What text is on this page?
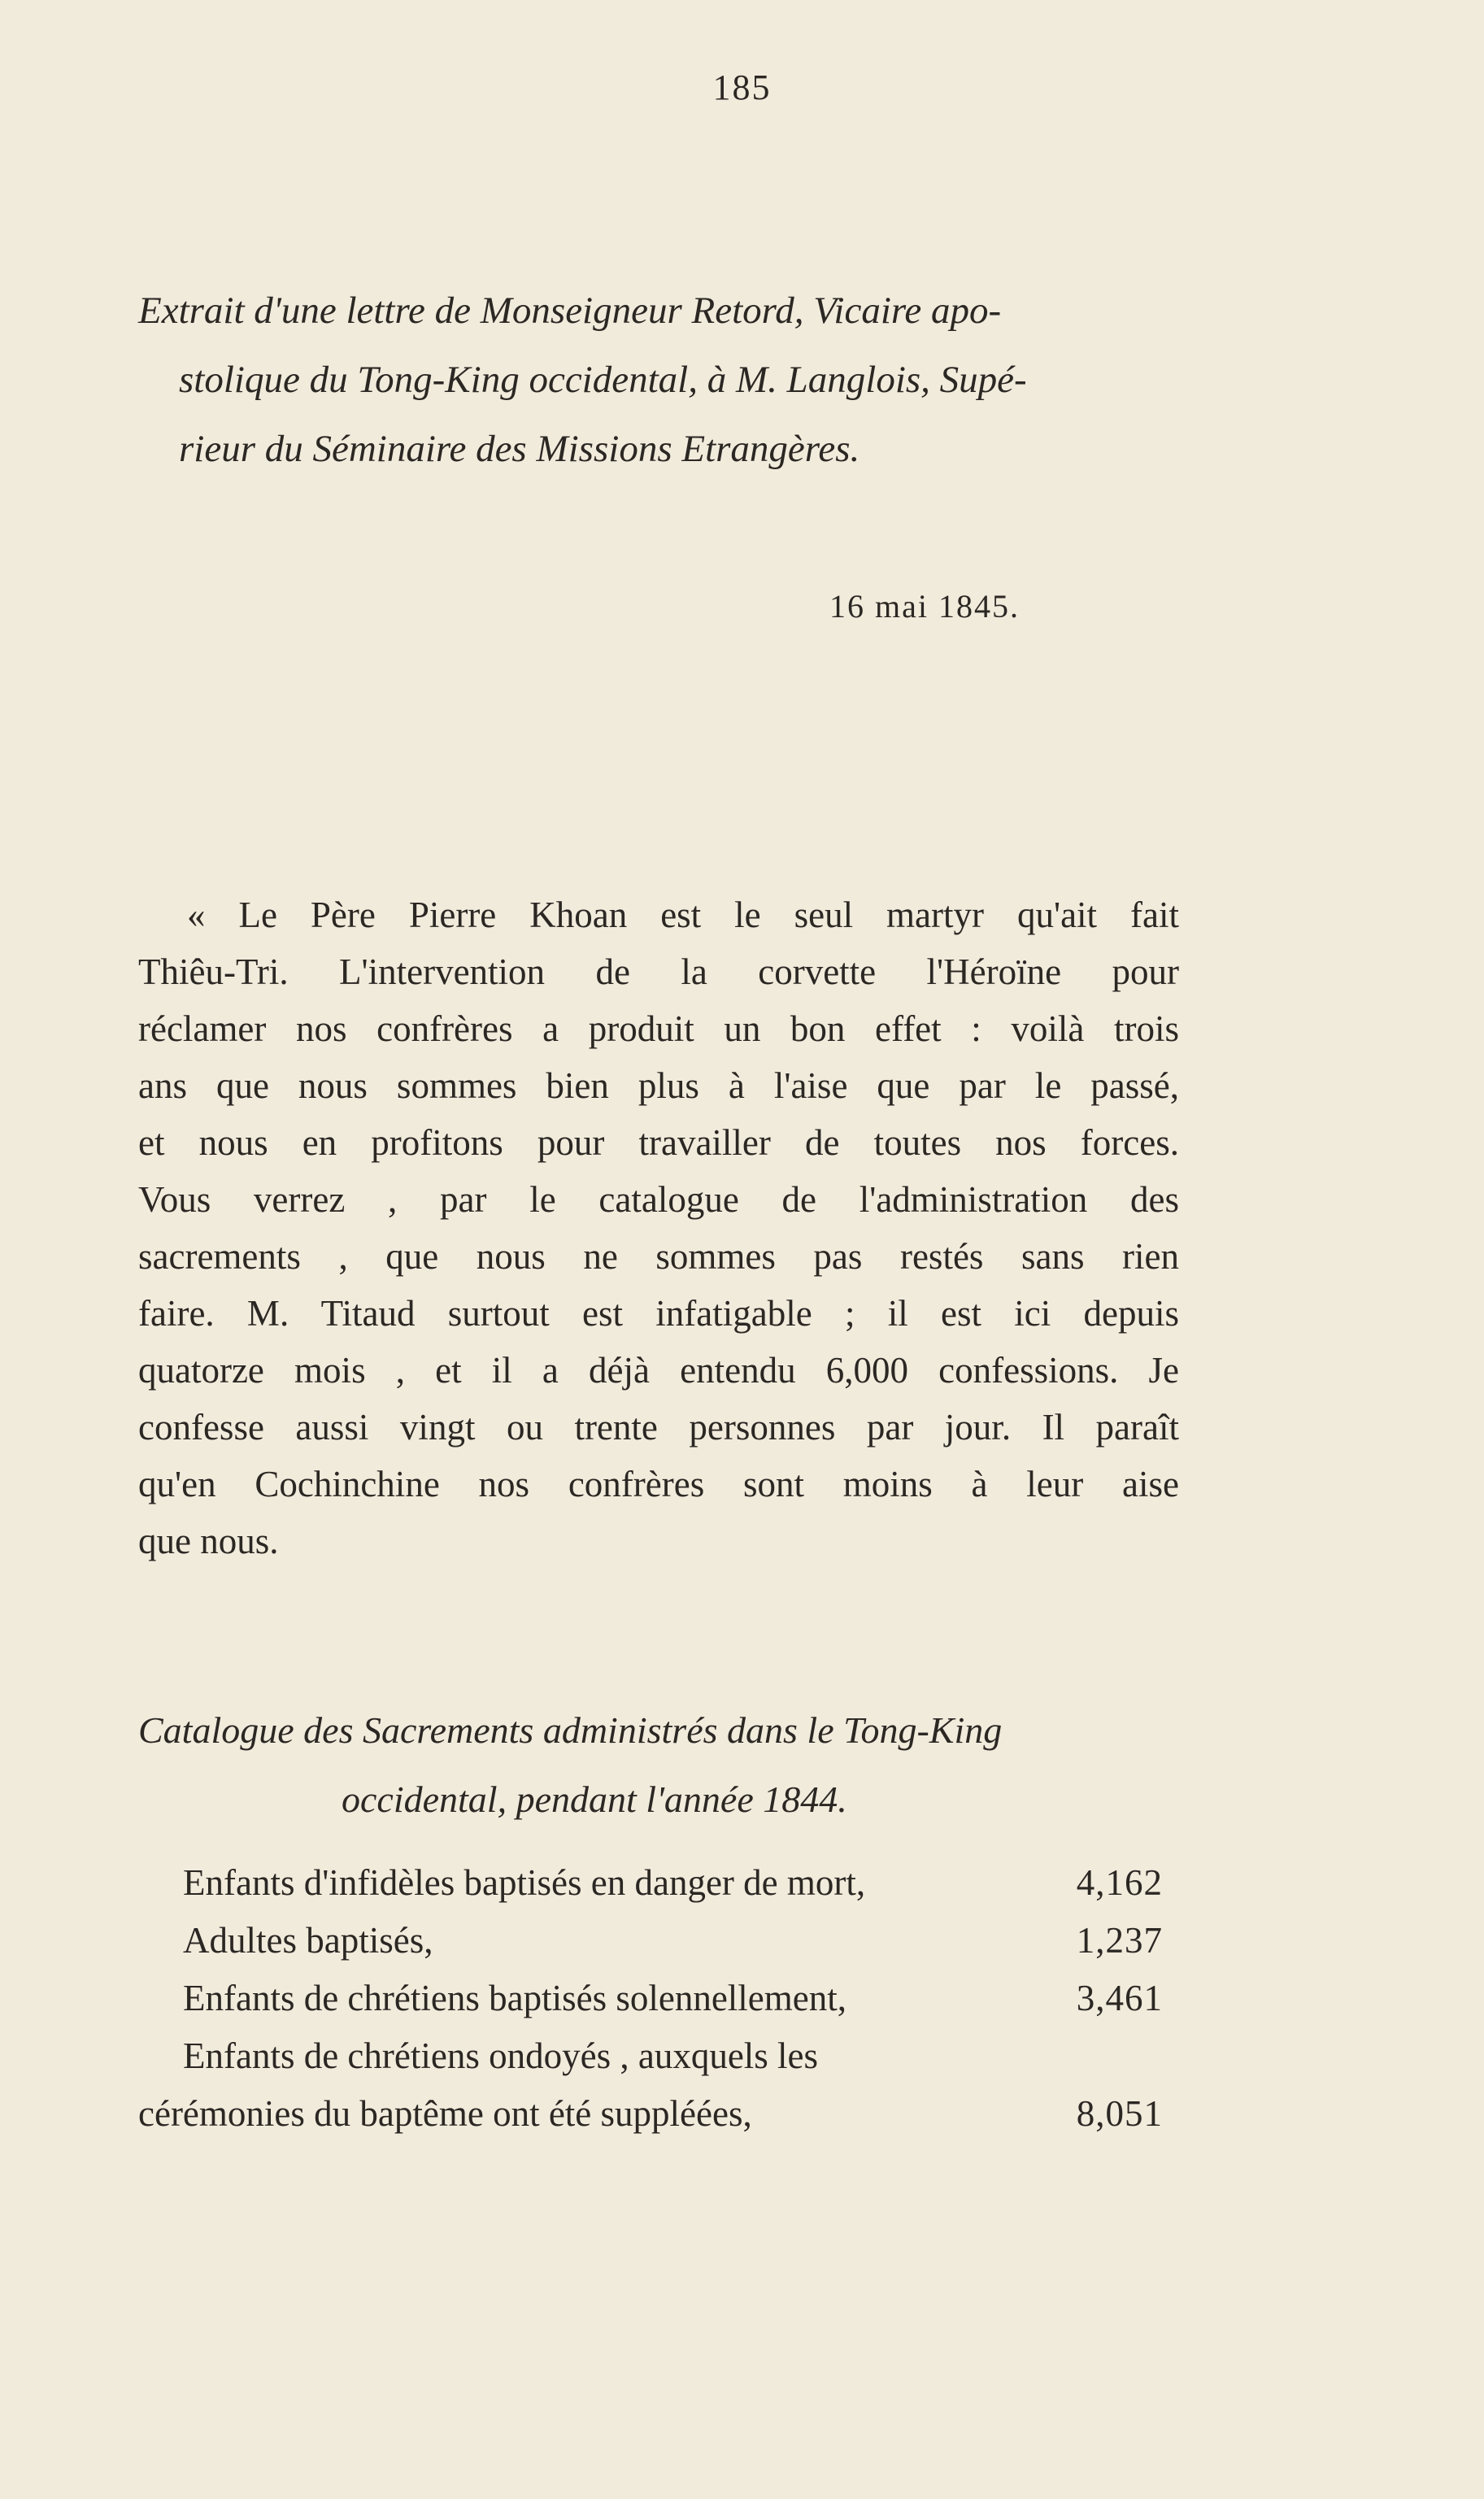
185
Extrait d'une lettre de Monseigneur Retord, Vicaire apo-
stolique du Tong-King occidental, à M. Langlois, Supé-
rieur du Séminaire des Missions Etrangères.
16 mai 1845.

« Le Père Pierre Khoan est le seul martyr qu'ait fait
Thiêu-Tri. L'intervention de la corvette l'Héroïne pour
réclamer nos confrères a produit un bon effet : voilà trois
ans que nous sommes bien plus à l'aise que par le passé,
et nous en profitons pour travailler de toutes nos forces.
Vous verrez , par le catalogue de l'administration des
sacrements , que nous ne sommes pas restés sans rien
faire. M. Titaud surtout est infatigable ; il est ici depuis
quatorze mois , et il a déjà entendu 6,000 confessions. Je
confesse aussi vingt ou trente personnes par jour. Il paraît
qu'en Cochinchine nos confrères sont moins à leur aise
que nous.

Catalogue des Sacrements administrés dans le Tong-King
occidental, pendant l'année 1844.
Enfants d'infidèles baptisés en danger de mort,	4,162
Adultes baptisés,	1,237
Enfants de chrétiens baptisés solennellement,	3,461
Enfants de chrétiens ondoyés , auxquels les
cérémonies du baptême ont été suppléées,	8,051
